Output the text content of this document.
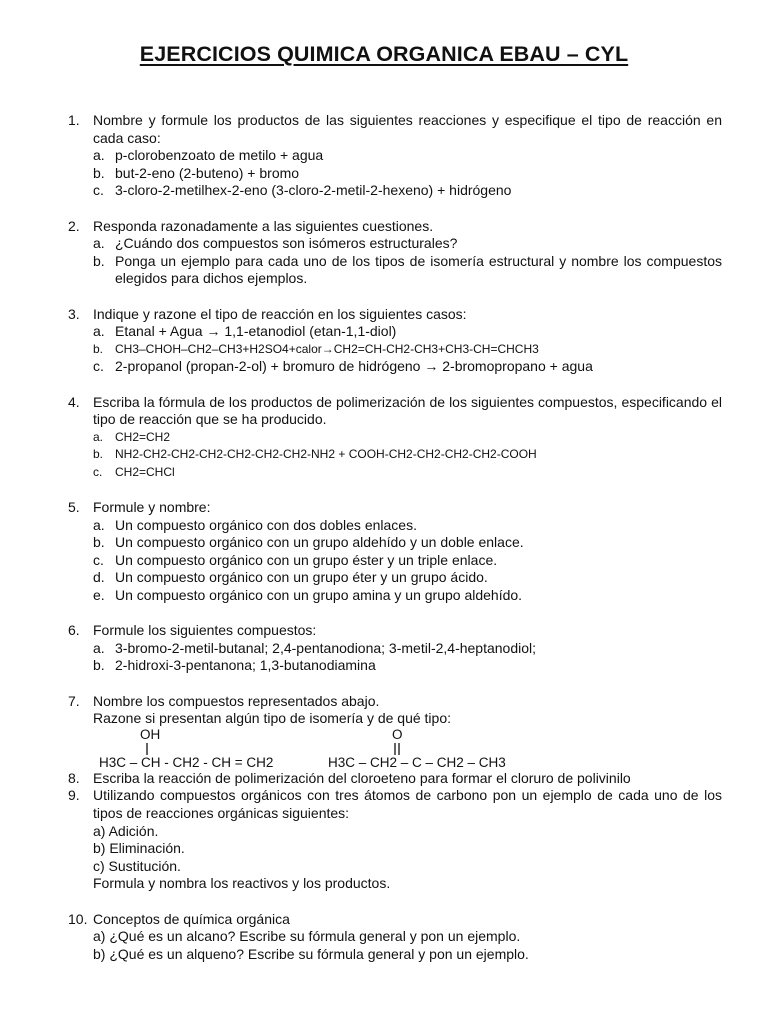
EJERCICIOS QUIMICA ORGANICA EBAU – CYL
1. Nombre y formule los productos de las siguientes reacciones y especifique el tipo de reacción en cada caso:
a. p-clorobenzoato de metilo + agua
b. but-2-eno (2-buteno) + bromo
c. 3-cloro-2-metilhex-2-eno (3-cloro-2-metil-2-hexeno) + hidrógeno
2. Responda razonadamente a las siguientes cuestiones.
a. ¿Cuándo dos compuestos son isómeros estructurales?
b. Ponga un ejemplo para cada uno de los tipos de isomería estructural y nombre los compuestos elegidos para dichos ejemplos.
3. Indique y razone el tipo de reacción en los siguientes casos:
a. Etanal + Agua → 1,1-etanodiol (etan-1,1-diol)
b. CH3–CHOH–CH2–CH3+H2SO4+calor→CH2=CH-CH2-CH3+CH3-CH=CHCH3
c. 2-propanol (propan-2-ol) + bromuro de hidrógeno → 2-bromopropano + agua
4. Escriba la fórmula de los productos de polimerización de los siguientes compuestos, especificando el tipo de reacción que se ha producido.
a. CH2=CH2
b. NH2-CH2-CH2-CH2-CH2-CH2-CH2-NH2 + COOH-CH2-CH2-CH2-CH2-COOH
c.	CH2=CHCl
5. Formule y nombre:
a. Un compuesto orgánico con dos dobles enlaces.
b. Un compuesto orgánico con un grupo aldehído y un doble enlace.
c. Un compuesto orgánico con un grupo éster y un triple enlace.
d. Un compuesto orgánico con un grupo éter y un grupo ácido.
e. Un compuesto orgánico con un grupo amina y un grupo aldehído.
6. Formule los siguientes compuestos:
a. 3-bromo-2-metil-butanal; 2,4-pentanodiona; 3-metil-2,4-heptanodiol;
b. 2-hidroxi-3-pentanona; 1,3-butanodiamina
7. Nombre los compuestos representados abajo.
Razone si presentan algún tipo de isomería y de qué tipo:
OH
H3C – CH - CH2 - CH = CH2
O
H3C – CH2 – C – CH2 – CH3
8. Escriba la reacción de polimerización del cloroeteno para formar el cloruro de polivinilo
9. Utilizando compuestos orgánicos con tres átomos de carbono pon un ejemplo de cada uno de los tipos de reacciones orgánicas siguientes:
a) Adición.
b) Eliminación.
c) Sustitución.
Formula y nombra los reactivos y los productos.
10. Conceptos de química orgánica
a) ¿Qué es un alcano? Escribe su fórmula general y pon un ejemplo.
b) ¿Qué es un alqueno? Escribe su fórmula general y pon un ejemplo.
